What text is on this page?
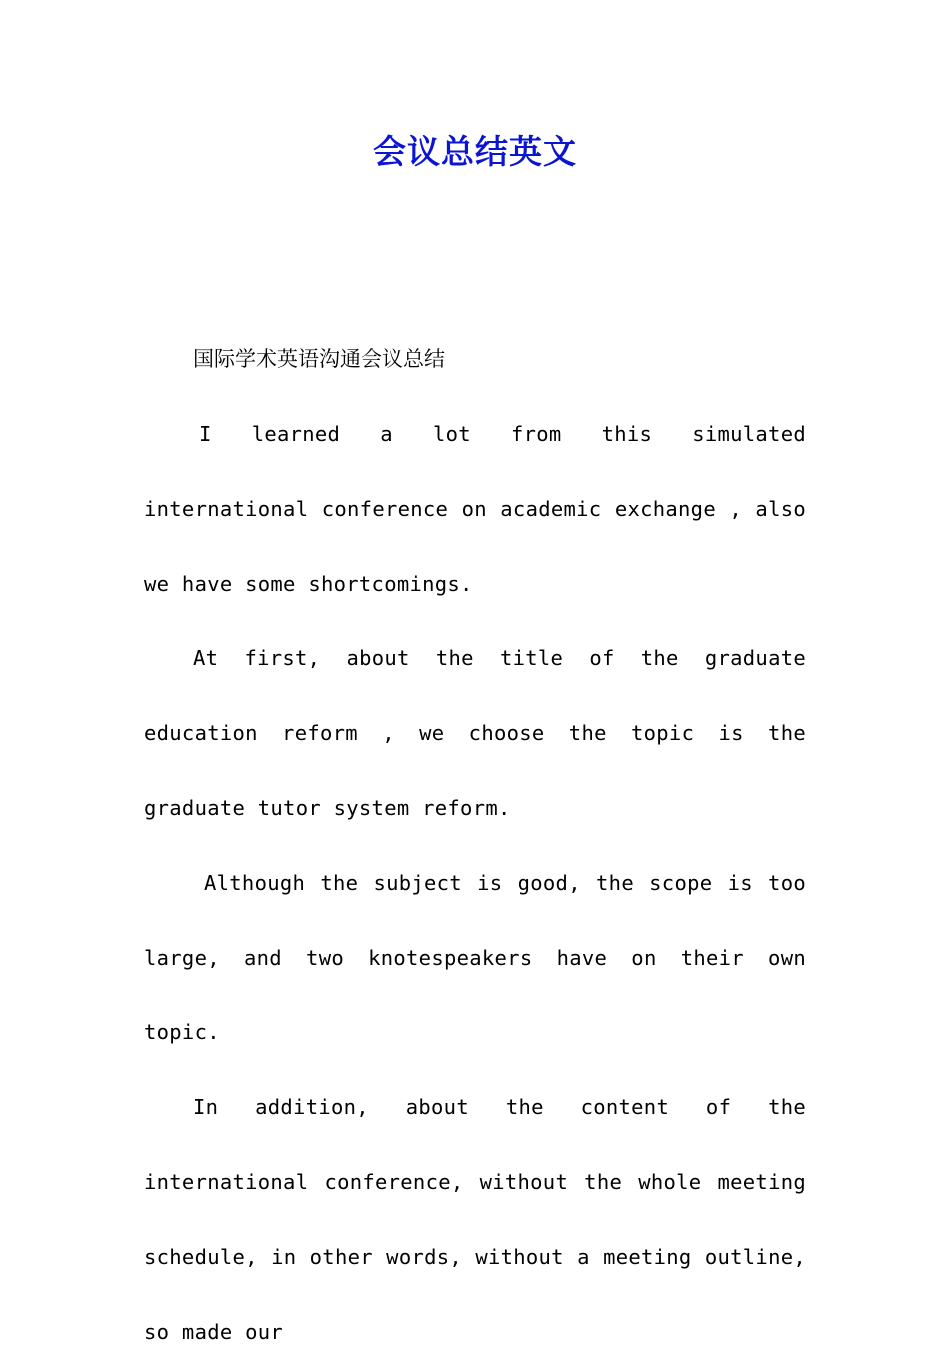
会议总结英文
国际学术英语沟通会议总结

I learned a lot from this simulated international conference on academic exchange , also we have some shortcomings.

At first, about the title of the graduate education reform , we choose the topic is the graduate tutor system reform.

Although the subject is good, the scope is too large, and two knotespeakers have on their own topic.

In addition, about the content of the international conference, without the whole meeting schedule, in other words, without a meeting outline, so made our
